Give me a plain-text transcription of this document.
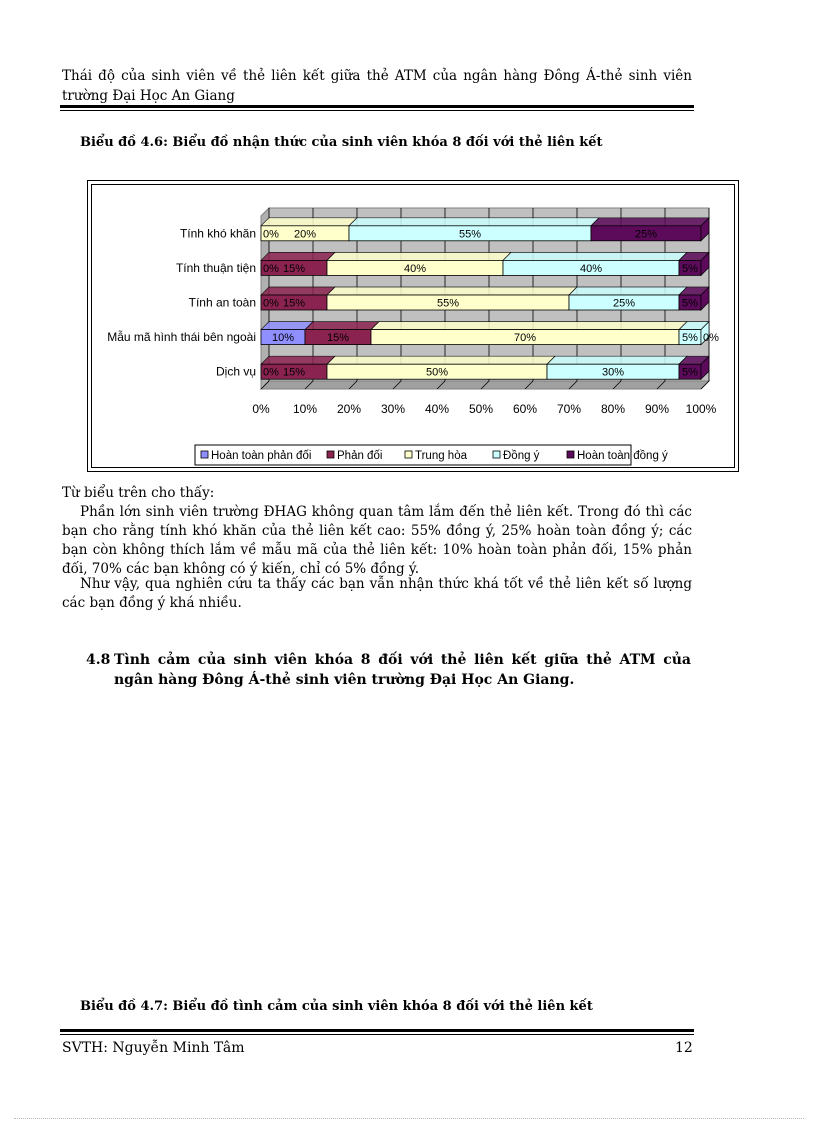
Thái độ của sinh viên về thẻ liên kết giữa thẻ ATM của ngân hàng Đông Á-thẻ sinh viên trường Đại Học An Giang
Biểu đồ 4.6: Biểu đồ nhận thức của sinh viên khóa 8 đối với thẻ liên kết
Tính khó khăn 0% 20%	55%	25%
Tính thuận tiện 0% 15%	40%	40%	5%
Tính an toàn 0% 15%	55%	25%	5%
Mẫu mã hình thái bên ngoài 10%	15%	70%	5% 0%
Dịch vụ 0% 15%	50%	30%	5%
0% 10% 20% 30% 40% 50% 60% 70% 80% 90% 100%
Hoàn toàn phản đối Phản đối	Trung hòa	Đồng ý	Hoàn toàn đồng ý
Từ biểu trên cho thấy:
Phần lớn sinh viên trường ĐHAG không quan tâm lắm đến thẻ liên kết. Trong đó thì các bạn cho rằng tính khó khăn của thẻ liên kết cao: 55% đồng ý, 25% hoàn toàn đồng ý; các bạn còn không thích lắm về mẫu mã của thẻ liên kết: 10% hoàn toàn phản đối, 15% phản đối, 70% các bạn không có ý kiến, chỉ có 5% đồng ý.
Như vậy, qua nghiên cứu ta thấy các bạn vẫn nhận thức khá tốt về thẻ liên kết số lượng các bạn đồng ý khá nhiều.
4.8 Tình cảm của sinh viên khóa 8 đối với thẻ liên kết giữa thẻ ATM của ngân hàng Đông Á-thẻ sinh viên trường Đại Học An Giang.
Biểu đồ 4.7: Biểu đồ tình cảm của sinh viên khóa 8 đối với thẻ liên kết
SVTH: Nguyễn Minh Tâm	12
